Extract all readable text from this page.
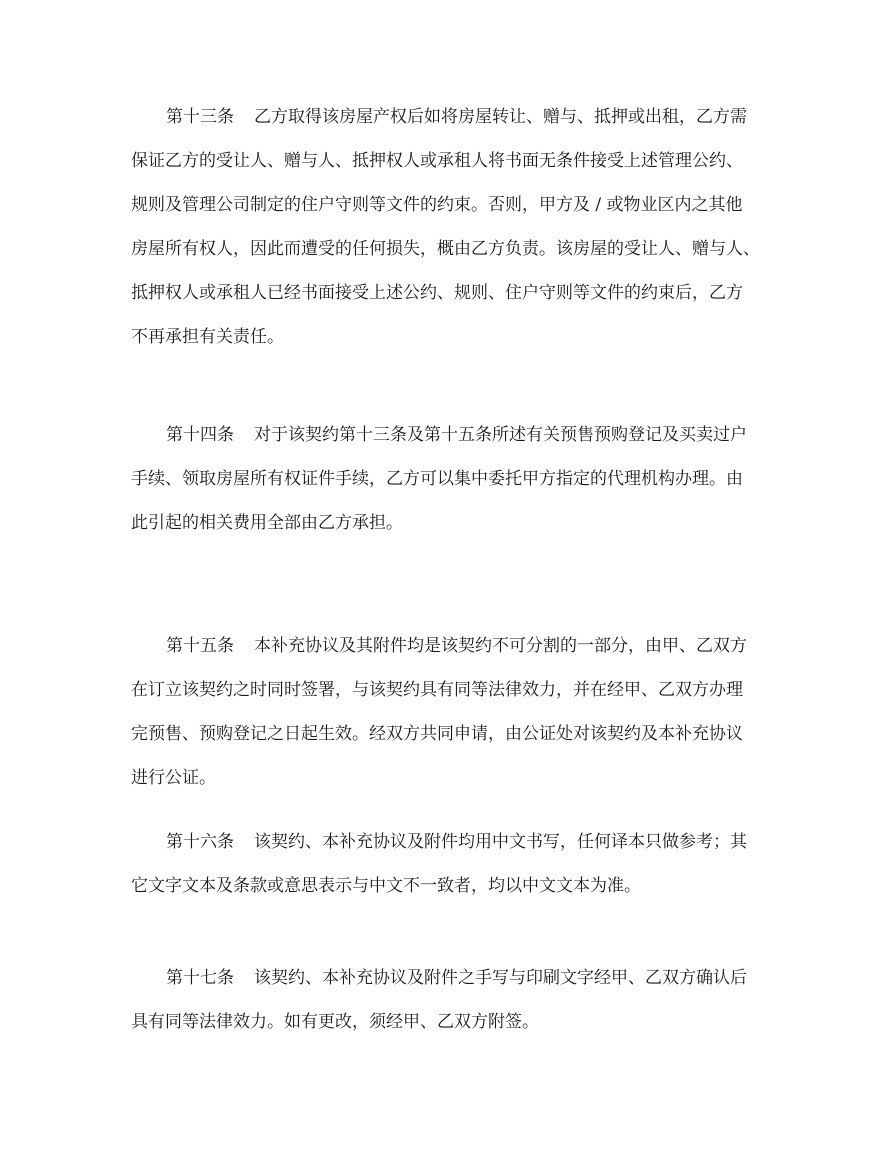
第十三条 乙方取得该房屋产权后如将房屋转让、赠与、抵押或出租，乙方需
保证乙方的受让人、赠与人、抵押权人或承租人将书面无条件接受上述管理公约、
规则及管理公司制定的住户守则等文件的约束。否则，甲方及 / 或物业区内之其他
房屋所有权人，因此而遭受的任何损失，概由乙方负责。该房屋的受让人、赠与人、
抵押权人或承租人已经书面接受上述公约、规则、住户守则等文件的约束后，乙方
不再承担有关责任。
第十四条 对于该契约第十三条及第十五条所述有关预售预购登记及买卖过户
手续、领取房屋所有权证件手续，乙方可以集中委托甲方指定的代理机构办理。由
此引起的相关费用全部由乙方承担。
第十五条 本补充协议及其附件均是该契约不可分割的一部分，由甲、乙双方
在订立该契约之时同时签署，与该契约具有同等法律效力，并在经甲、乙双方办理
完预售、预购登记之日起生效。经双方共同申请，由公证处对该契约及本补充协议
进行公证。
第十六条 该契约、本补充协议及附件均用中文书写，任何译本只做参考；其
它文字文本及条款或意思表示与中文不一致者，均以中文文本为准。
第十七条 该契约、本补充协议及附件之手写与印刷文字经甲、乙双方确认后
具有同等法律效力。如有更改，须经甲、乙双方附签。
